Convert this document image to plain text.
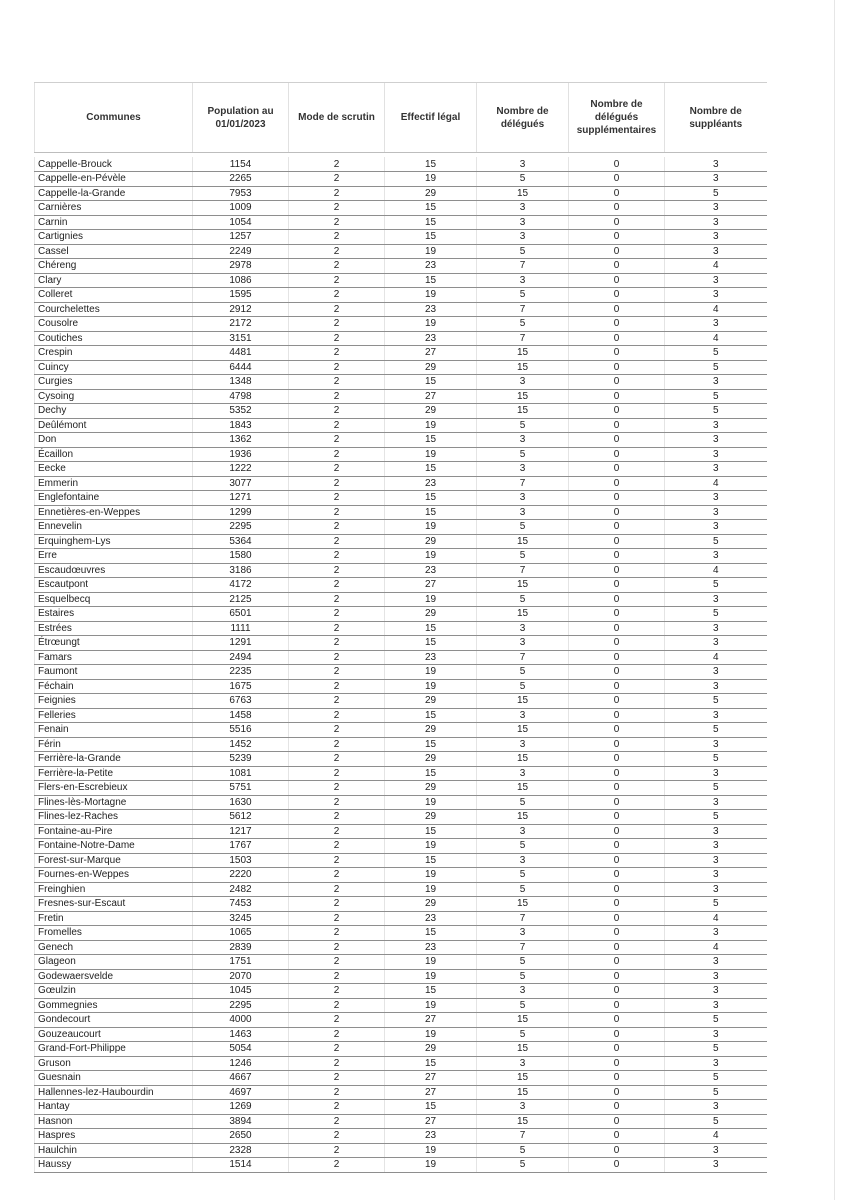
Communes	Population au 01/01/2023	Mode de scrutin	Effectif légal	Nombre de délégués	Nombre de délégués supplémentaires	Nombre de suppléants

Cappelle-Brouck	1154	2	15	3	0	3
Cappelle-en-Pévèle	2265	2	19	5	0	3
Cappelle-la-Grande	7953	2	29	15	0	5
Carnières	1009	2	15	3	0	3
Carnin	1054	2	15	3	0	3
Cartignies	1257	2	15	3	0	3
Cassel	2249	2	19	5	0	3
Chéreng	2978	2	23	7	0	4
Clary	1086	2	15	3	0	3
Colleret	1595	2	19	5	0	3
Courchelettes	2912	2	23	7	0	4
Cousolre	2172	2	19	5	0	3
Coutiches	3151	2	23	7	0	4
Crespin	4481	2	27	15	0	5
Cuincy	6444	2	29	15	0	5
Curgies	1348	2	15	3	0	3
Cysoing	4798	2	27	15	0	5
Dechy	5352	2	29	15	0	5
Deûlémont	1843	2	19	5	0	3
Don	1362	2	15	3	0	3
Écaillon	1936	2	19	5	0	3
Eecke	1222	2	15	3	0	3
Emmerin	3077	2	23	7	0	4
Englefontaine	1271	2	15	3	0	3
Ennetières-en-Weppes	1299	2	15	3	0	3
Ennevelin	2295	2	19	5	0	3
Erquinghem-Lys	5364	2	29	15	0	5
Erre	1580	2	19	5	0	3
Escaudœuvres	3186	2	23	7	0	4
Escautpont	4172	2	27	15	0	5
Esquelbecq	2125	2	19	5	0	3
Estaires	6501	2	29	15	0	5
Estrées	1111	2	15	3	0	3
Étrœungt	1291	2	15	3	0	3
Famars	2494	2	23	7	0	4
Faumont	2235	2	19	5	0	3
Féchain	1675	2	19	5	0	3
Feignies	6763	2	29	15	0	5
Felleries	1458	2	15	3	0	3
Fenain	5516	2	29	15	0	5
Férin	1452	2	15	3	0	3
Ferrière-la-Grande	5239	2	29	15	0	5
Ferrière-la-Petite	1081	2	15	3	0	3
Flers-en-Escrebieux	5751	2	29	15	0	5
Flines-lès-Mortagne	1630	2	19	5	0	3
Flines-lez-Raches	5612	2	29	15	0	5
Fontaine-au-Pire	1217	2	15	3	0	3
Fontaine-Notre-Dame	1767	2	19	5	0	3
Forest-sur-Marque	1503	2	15	3	0	3
Fournes-en-Weppes	2220	2	19	5	0	3
Freinghien	2482	2	19	5	0	3
Fresnes-sur-Escaut	7453	2	29	15	0	5
Fretin	3245	2	23	7	0	4
Fromelles	1065	2	15	3	0	3
Genech	2839	2	23	7	0	4
Glageon	1751	2	19	5	0	3
Godewaersvelde	2070	2	19	5	0	3
Gœulzin	1045	2	15	3	0	3
Gommegnies	2295	2	19	5	0	3
Gondecourt	4000	2	27	15	0	5
Gouzeaucourt	1463	2	19	5	0	3
Grand-Fort-Philippe	5054	2	29	15	0	5
Gruson	1246	2	15	3	0	3
Guesnain	4667	2	27	15	0	5
Hallennes-lez-Haubourdin	4697	2	27	15	0	5
Hantay	1269	2	15	3	0	3
Hasnon	3894	2	27	15	0	5
Haspres	2650	2	23	7	0	4
Haulchin	2328	2	19	5	0	3
Haussy	1514	2	19	5	0	3
